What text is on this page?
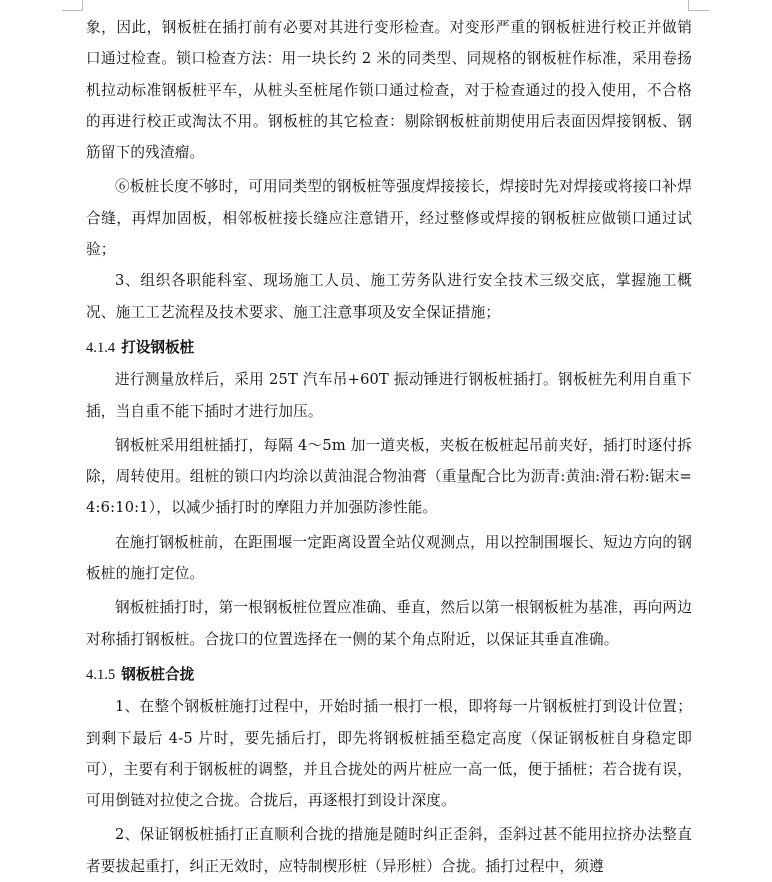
象，因此，钢板桩在插打前有必要对其进行变形检查。对变形严重的钢板桩进行校正并做销口通过检查。锁口检查方法：用一块长约 2 米的同类型、同规格的钢板桩作标准，采用卷扬机拉动标准钢板桩平车，从桩头至桩尾作锁口通过检查，对于检查通过的投入使用，不合格的再进行校正或淘汰不用。钢板桩的其它检查：剔除钢板桩前期使用后表面因焊接钢板、钢筋留下的残渣瘤。

⑥板桩长度不够时，可用同类型的钢板桩等强度焊接接长，焊接时先对焊接或将接口补焊合缝，再焊加固板，相邻板桩接长缝应注意错开，经过整修或焊接的钢板桩应做锁口通过试验；

3、组织各职能科室、现场施工人员、施工劳务队进行安全技术三级交底，掌握施工概况、施工工艺流程及技术要求、施工注意事项及安全保证措施；

4.1.4 打设钢板桩

进行测量放样后，采用 25T 汽车吊+60T 振动锤进行钢板桩插打。钢板桩先利用自重下插，当自重不能下插时才进行加压。

钢板桩采用组桩插打，每隔 4～5m 加一道夹板，夹板在板桩起吊前夹好，插打时逐付拆除，周转使用。组桩的锁口内均涂以黄油混合物油膏（重量配合比为沥青:黄油:滑石粉:锯末=4:6:10:1），以减少插打时的摩阻力并加强防渗性能。

在施打钢板桩前，在距围堰一定距离设置全站仪观测点，用以控制围堰长、短边方向的钢板桩的施打定位。

钢板桩插打时，第一根钢板桩位置应准确、垂直，然后以第一根钢板桩为基准，再向两边对称插打钢板桩。合拢口的位置选择在一侧的某个角点附近，以保证其垂直准确。

4.1.5 钢板桩合拢

1、在整个钢板桩施打过程中，开始时插一根打一根，即将每一片钢板桩打到设计位置；到剩下最后 4-5 片时，要先插后打，即先将钢板桩插至稳定高度（保证钢板桩自身稳定即可），主要有利于钢板桩的调整，并且合拢处的两片桩应一高一低，便于插桩；若合拢有误，可用倒链对拉使之合拢。合拢后，再逐根打到设计深度。

2、保证钢板桩插打正直顺利合拢的措施是随时纠正歪斜，歪斜过甚不能用拉挤办法整直者要拔起重打，纠正无效时，应特制楔形桩（异形桩）合拢。插打过程中，须遵
